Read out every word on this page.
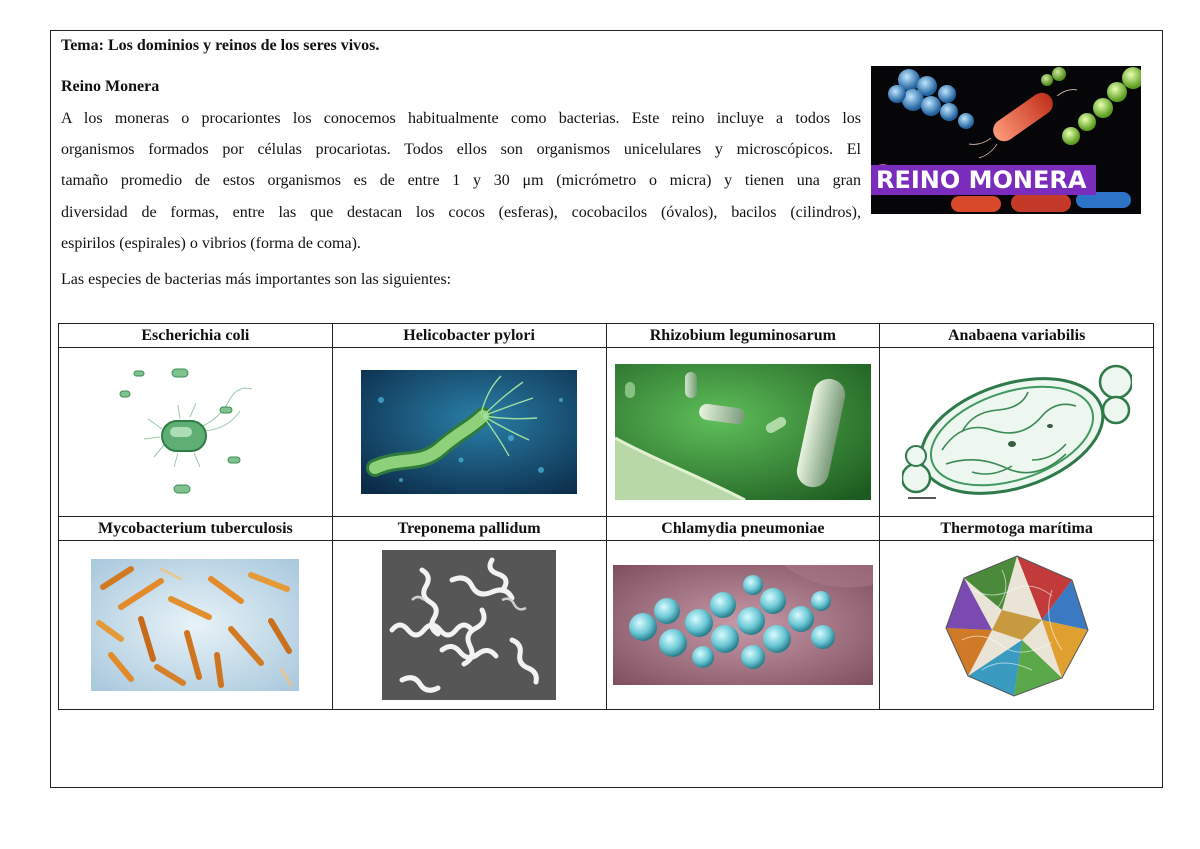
Tema: Los dominios y reinos de los seres vivos.
Reino Monera

A los moneras o procariontes los conocemos habitualmente como bacterias. Este reino incluye a todos los
organismos formados por células procariotas. Todos ellos son organismos unicelulares y microscópicos. El
tamaño promedio de estos organismos es de entre 1 y 30 μm (micrómetro o micra) y tienen una gran
diversidad de formas, entre las que destacan los cocos (esferas), cocobacilos (óvalos), bacilos (cilindros),
espirilos (espirales) o vibrios (forma de coma).

Las especies de bacterias más importantes son las siguientes:
REINO MONERA
Escherichia coli	Helicobacter pylori	Rhizobium leguminosarum	Anabaena variabilis

Mycobacterium tuberculosis	Treponema pallidum	Chlamydia pneumoniae	Thermotoga marítima
